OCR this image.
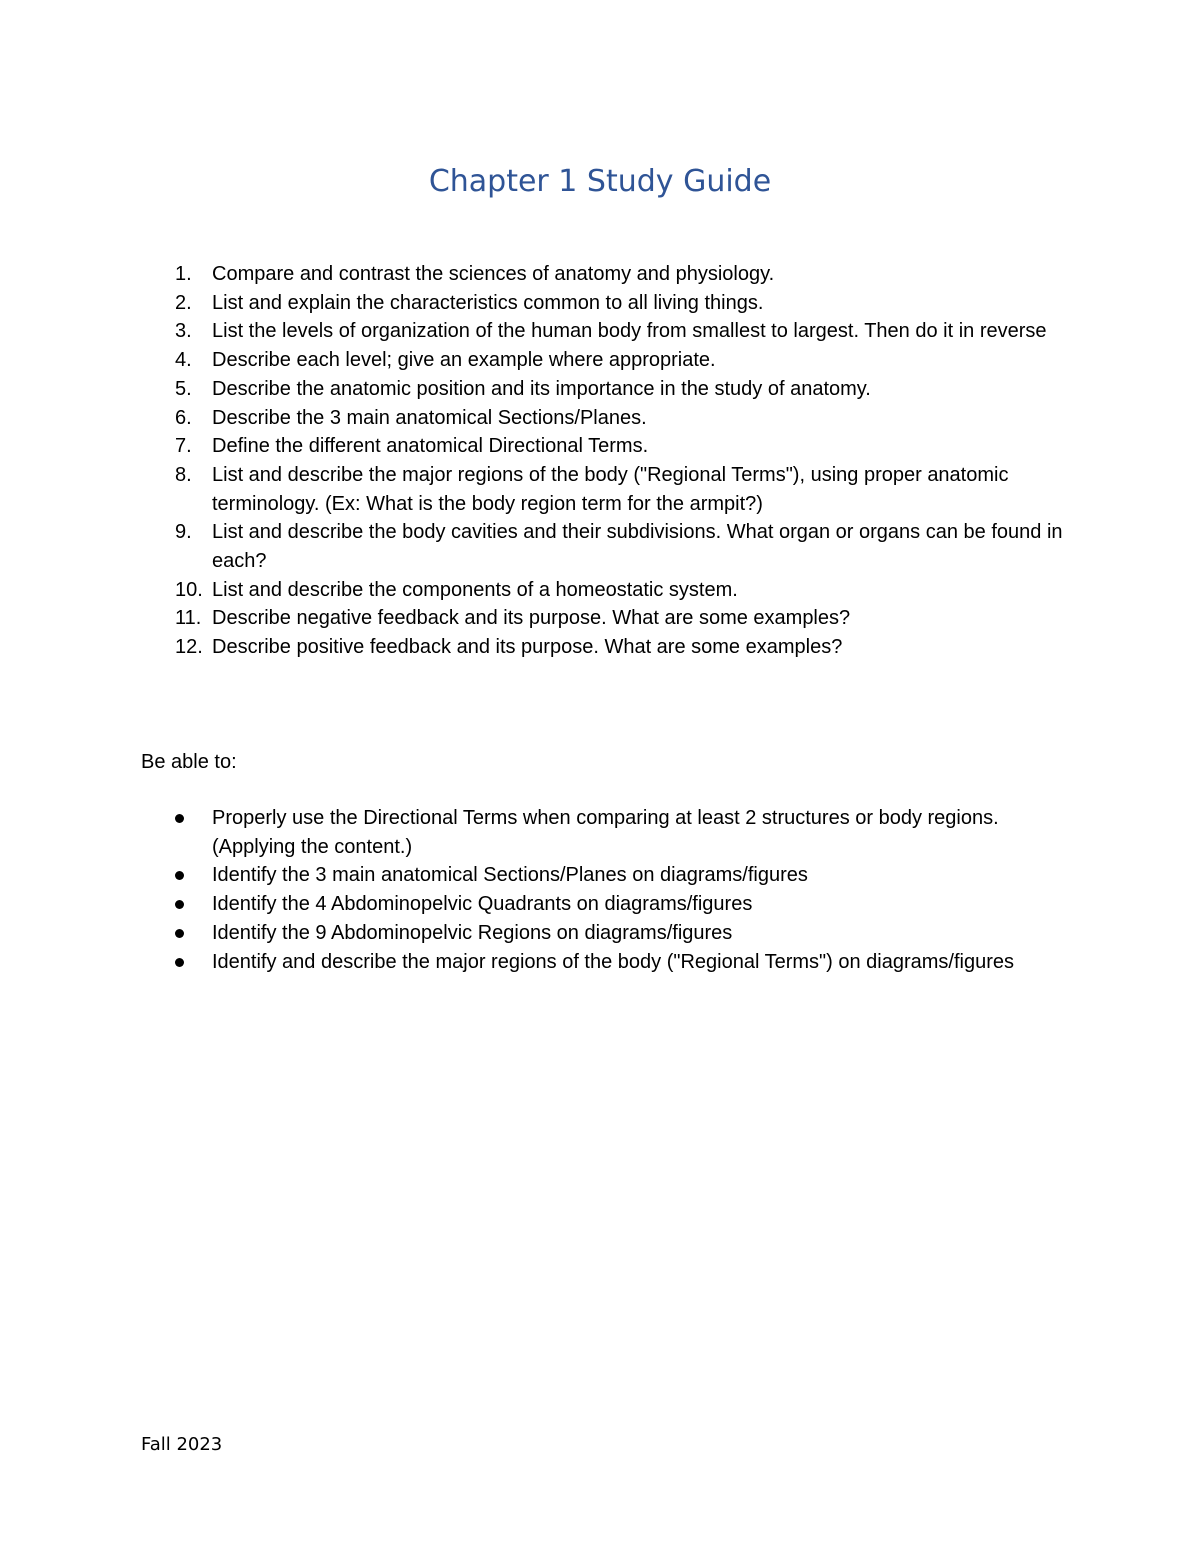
Chapter 1 Study Guide
1. Compare and contrast the sciences of anatomy and physiology.
2. List and explain the characteristics common to all living things.
3. List the levels of organization of the human body from smallest to largest. Then do it in reverse
4. Describe each level; give an example where appropriate.
5. Describe the anatomic position and its importance in the study of anatomy.
6. Describe the 3 main anatomical Sections/Planes.
7. Define the different anatomical Directional Terms.
8. List and describe the major regions of the body ("Regional Terms"), using proper anatomic terminology. (Ex: What is the body region term for the armpit?)
9. List and describe the body cavities and their subdivisions. What organ or organs can be found in each?
10. List and describe the components of a homeostatic system.
11. Describe negative feedback and its purpose. What are some examples?
12. Describe positive feedback and its purpose. What are some examples?

Be able to:

Properly use the Directional Terms when comparing at least 2 structures or body regions. (Applying the content.)
Identify the 3 main anatomical Sections/Planes on diagrams/figures
Identify the 4 Abdominopelvic Quadrants on diagrams/figures
Identify the 9 Abdominopelvic Regions on diagrams/figures
Identify and describe the major regions of the body ("Regional Terms") on diagrams/figures

Fall 2023
